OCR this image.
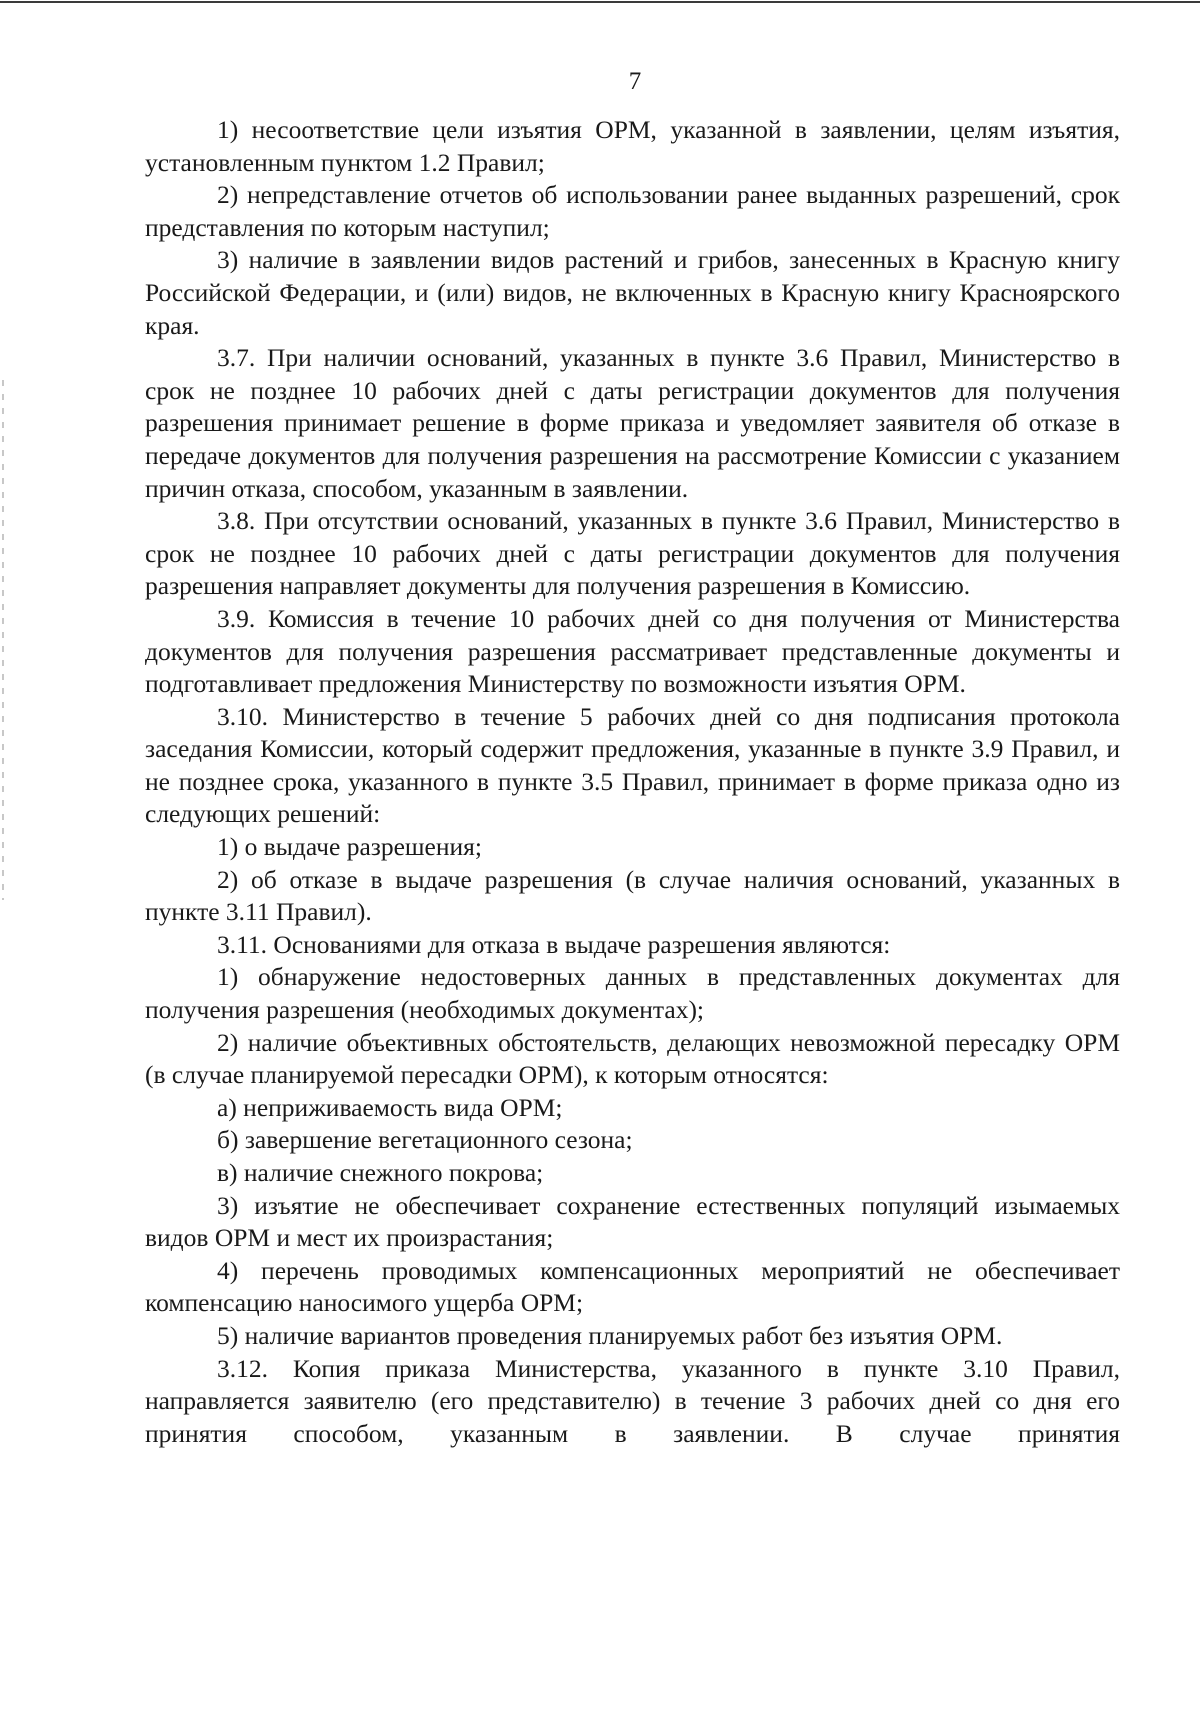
7

1) несоответствие цели изъятия ОРМ, указанной в заявлении, целям изъятия, установленным пунктом 1.2 Правил;

2) непредставление отчетов об использовании ранее выданных разрешений, срок представления по которым наступил;

3) наличие в заявлении видов растений и грибов, занесенных в Красную книгу Российской Федерации, и (или) видов, не включенных в Красную книгу Красноярского края.

3.7. При наличии оснований, указанных в пункте 3.6 Правил, Министерство в срок не позднее 10 рабочих дней с даты регистрации документов для получения разрешения принимает решение в форме приказа и уведомляет заявителя об отказе в передаче документов для получения разрешения на рассмотрение Комиссии с указанием причин отказа, способом, указанным в заявлении.

3.8. При отсутствии оснований, указанных в пункте 3.6 Правил, Министерство в срок не позднее 10 рабочих дней с даты регистрации документов для получения разрешения направляет документы для получения разрешения в Комиссию.

3.9. Комиссия в течение 10 рабочих дней со дня получения от Министерства документов для получения разрешения рассматривает представленные документы и подготавливает предложения Министерству по возможности изъятия ОРМ.

3.10. Министерство в течение 5 рабочих дней со дня подписания протокола заседания Комиссии, который содержит предложения, указанные в пункте 3.9 Правил, и не позднее срока, указанного в пункте 3.5 Правил, принимает в форме приказа одно из следующих решений:

1) о выдаче разрешения;

2) об отказе в выдаче разрешения (в случае наличия оснований, указанных в пункте 3.11 Правил).

3.11. Основаниями для отказа в выдаче разрешения являются:

1) обнаружение недостоверных данных в представленных документах для получения разрешения (необходимых документах);

2) наличие объективных обстоятельств, делающих невозможной пересадку ОРМ (в случае планируемой пересадки ОРМ), к которым относятся:

а) неприживаемость вида ОРМ;

б) завершение вегетационного сезона;

в) наличие снежного покрова;

3) изъятие не обеспечивает сохранение естественных популяций изымаемых видов ОРМ и мест их произрастания;

4) перечень проводимых компенсационных мероприятий не обеспечивает компенсацию наносимого ущерба ОРМ;

5) наличие вариантов проведения планируемых работ без изъятия ОРМ.

3.12. Копия приказа Министерства, указанного в пункте 3.10 Правил, направляется заявителю (его представителю) в течение 3 рабочих дней со дня его принятия способом, указанным в заявлении. В случае принятия
